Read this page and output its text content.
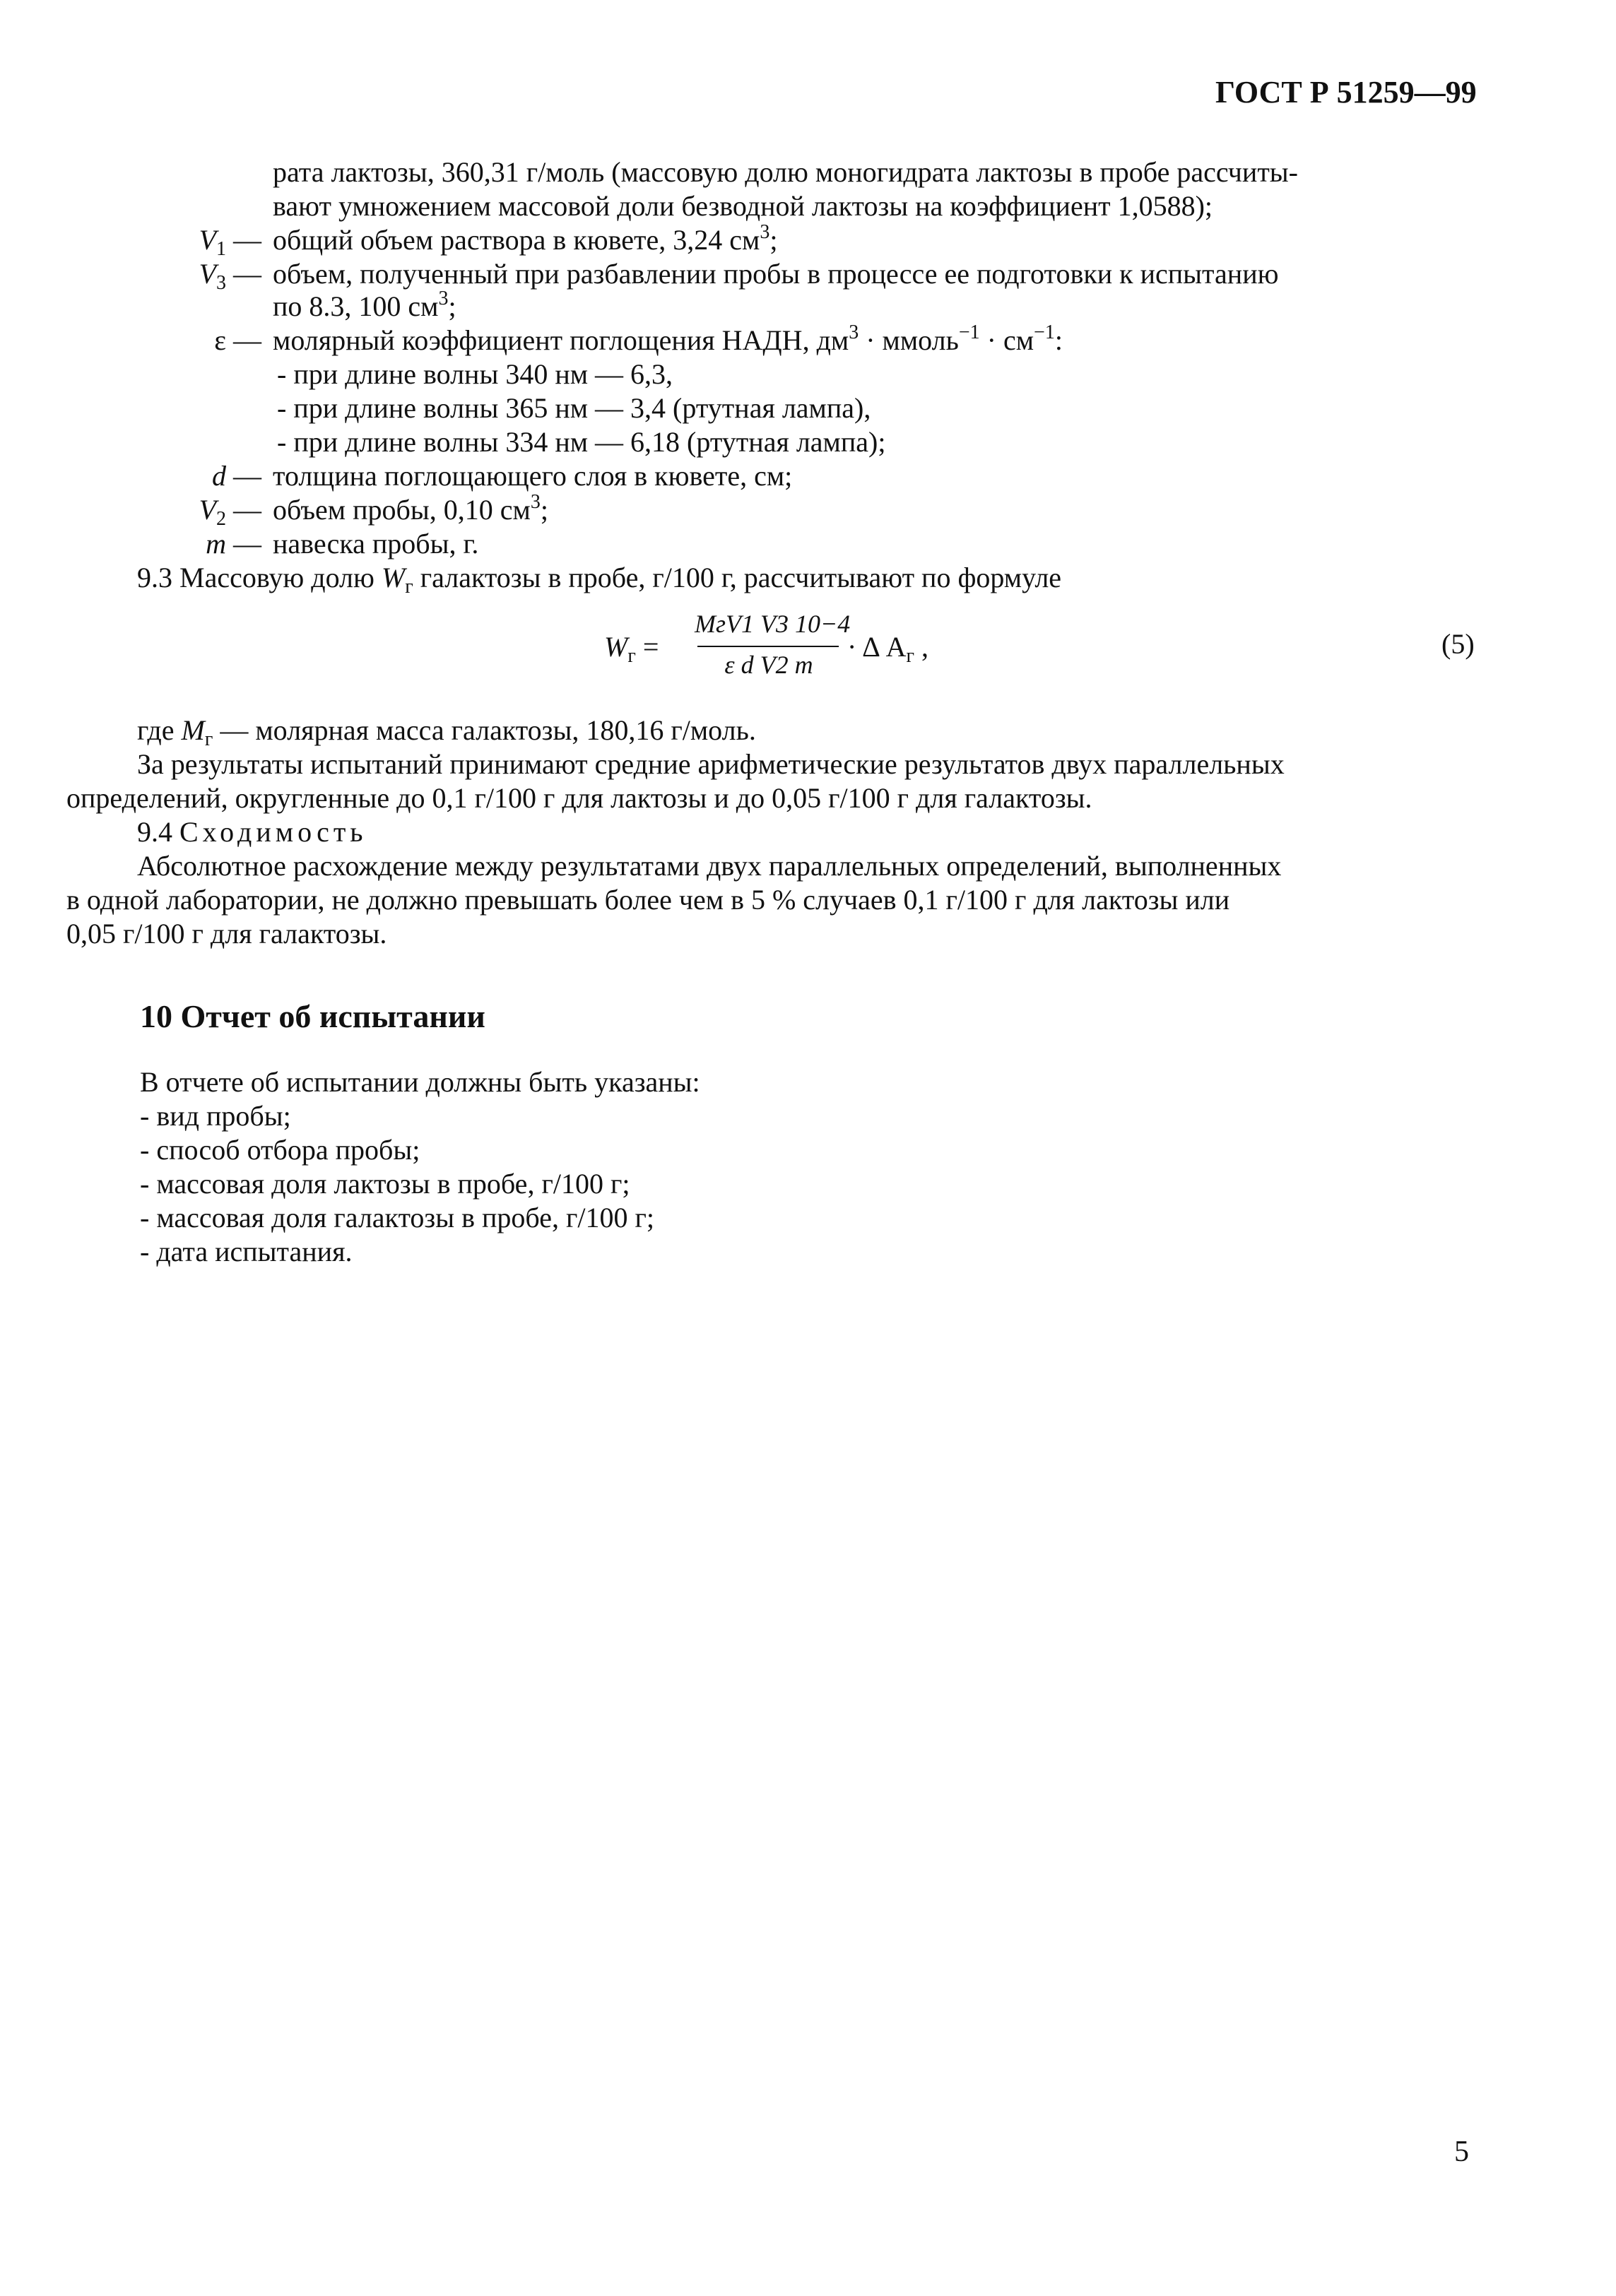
ГОСТ Р 51259—99
рата лактозы, 360,31 г/моль (массовую долю моногидрата лактозы в пробе рассчиты-
вают умножением массовой доли безводной лактозы на коэффициент 1,0588);
$V_1$ — общий объем раствора в кювете, 3,24 $см^3$;
$V_3$ — объем, полученный при разбавлении пробы в процессе ее подготовки к испытанию
по 8.3, 100 $см^3$;
ε — молярный коэффициент поглощения НАДН, $дм^3$ · ммоль$^{-1}$ · $см^{-1}$:
- при длине волны 340 нм — 6,3,
- при длине волны 365 нм — 3,4 (ртутная лампа),
- при длине волны 334 нм — 6,18 (ртутная лампа);
d — толщина поглощающего слоя в кювете, см;
$V_2$ — объем пробы, 0,10 $см^3$;
m — навеска пробы, г.
9.3 Массовую долю $W_г$ галактозы в пробе, г/100 г, рассчитывают по формуле
$W_г$ =
MгV1 V3 10−4
ε d V2 m
· Δ $A_г$ ,	(5)
где $M_г$ — молярная масса галактозы, 180,16 г/моль.
За результаты испытаний принимают средние арифметические результатов двух параллельных
определений, округленные до 0,1 г/100 г для лактозы и до 0,05 г/100 г для галактозы.
9.4 Сходимость
Абсолютное расхождение между результатами двух параллельных определений, выполненных
в одной лаборатории, не должно превышать более чем в 5 % случаев 0,1 г/100 г для лактозы или
0,05 г/100 г для галактозы.
10 Отчет об испытании
В отчете об испытании должны быть указаны:
- вид пробы;
- способ отбора пробы;
- массовая доля лактозы в пробе, г/100 г;
- массовая доля галактозы в пробе, г/100 г;
- дата испытания.
5
